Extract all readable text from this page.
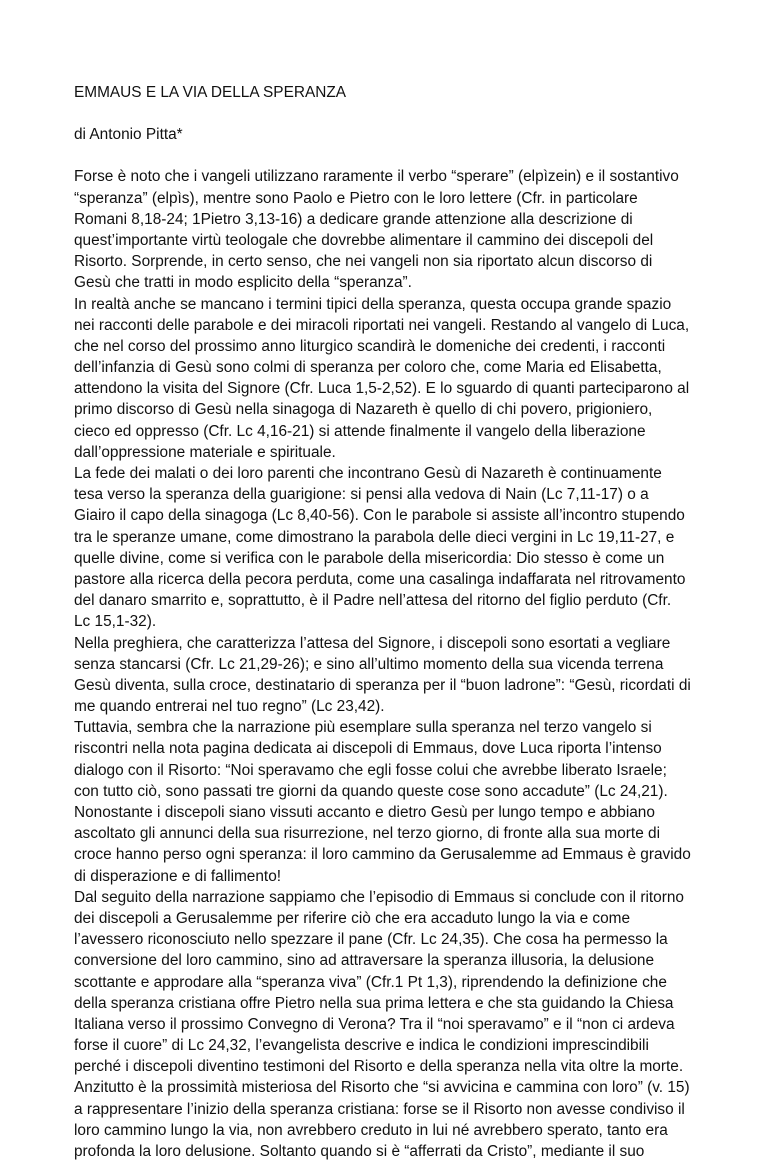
EMMAUS E LA VIA DELLA SPERANZA
di Antonio Pitta*
Forse è noto che i vangeli utilizzano raramente il verbo “sperare” (elpìzein) e il sostantivo
“speranza” (elpìs), mentre sono Paolo e Pietro con le loro lettere (Cfr. in particolare
Romani 8,18-24; 1Pietro 3,13-16) a dedicare grande attenzione alla descrizione di
quest’importante virtù teologale che dovrebbe alimentare il cammino dei discepoli del
Risorto. Sorprende, in certo senso, che nei vangeli non sia riportato alcun discorso di
Gesù che tratti in modo esplicito della “speranza”.
In realtà anche se mancano i termini tipici della speranza, questa occupa grande spazio
nei racconti delle parabole e dei miracoli riportati nei vangeli. Restando al vangelo di Luca,
che nel corso del prossimo anno liturgico scandirà le domeniche dei credenti, i racconti
dell’infanzia di Gesù sono colmi di speranza per coloro che, come Maria ed Elisabetta,
attendono la visita del Signore (Cfr. Luca 1,5-2,52). E lo sguardo di quanti parteciparono al
primo discorso di Gesù nella sinagoga di Nazareth è quello di chi povero, prigioniero,
cieco ed oppresso (Cfr. Lc 4,16-21) si attende finalmente il vangelo della liberazione
dall’oppressione materiale e spirituale.
La fede dei malati o dei loro parenti che incontrano Gesù di Nazareth è continuamente
tesa verso la speranza della guarigione: si pensi alla vedova di Nain (Lc 7,11-17) o a
Giairo il capo della sinagoga (Lc 8,40-56). Con le parabole si assiste all’incontro stupendo
tra le speranze umane, come dimostrano la parabola delle dieci vergini in Lc 19,11-27, e
quelle divine, come si verifica con le parabole della misericordia: Dio stesso è come un
pastore alla ricerca della pecora perduta, come una casalinga indaffarata nel ritrovamento
del danaro smarrito e, soprattutto, è il Padre nell’attesa del ritorno del figlio perduto (Cfr.
Lc 15,1-32).
Nella preghiera, che caratterizza l’attesa del Signore, i discepoli sono esortati a vegliare
senza stancarsi (Cfr. Lc 21,29-26); e sino all’ultimo momento della sua vicenda terrena
Gesù diventa, sulla croce, destinatario di speranza per il “buon ladrone”: “Gesù, ricordati di
me quando entrerai nel tuo regno” (Lc 23,42).
Tuttavia, sembra che la narrazione più esemplare sulla speranza nel terzo vangelo si
riscontri nella nota pagina dedicata ai discepoli di Emmaus, dove Luca riporta l’intenso
dialogo con il Risorto: “Noi speravamo che egli fosse colui che avrebbe liberato Israele;
con tutto ciò, sono passati tre giorni da quando queste cose sono accadute” (Lc 24,21).
Nonostante i discepoli siano vissuti accanto e dietro Gesù per lungo tempo e abbiano
ascoltato gli annunci della sua risurrezione, nel terzo giorno, di fronte alla sua morte di
croce hanno perso ogni speranza: il loro cammino da Gerusalemme ad Emmaus è gravido
di disperazione e di fallimento!
Dal seguito della narrazione sappiamo che l’episodio di Emmaus si conclude con il ritorno
dei discepoli a Gerusalemme per riferire ciò che era accaduto lungo la via e come
l’avessero riconosciuto nello spezzare il pane (Cfr. Lc 24,35). Che cosa ha permesso la
conversione del loro cammino, sino ad attraversare la speranza illusoria, la delusione
scottante e approdare alla “speranza viva” (Cfr.1 Pt 1,3), riprendendo la definizione che
della speranza cristiana offre Pietro nella sua prima lettera e che sta guidando la Chiesa
Italiana verso il prossimo Convegno di Verona? Tra il “noi speravamo” e il “non ci ardeva
forse il cuore” di Lc 24,32, l’evangelista descrive e indica le condizioni imprescindibili
perché i discepoli diventino testimoni del Risorto e della speranza nella vita oltre la morte.
Anzitutto è la prossimità misteriosa del Risorto che “si avvicina e cammina con loro” (v. 15)
a rappresentare l’inizio della speranza cristiana: forse se il Risorto non avesse condiviso il
loro cammino lungo la via, non avrebbero creduto in lui né avrebbero sperato, tanto era
profonda la loro delusione. Soltanto quando si è “afferrati da Cristo”, mediante il suo
